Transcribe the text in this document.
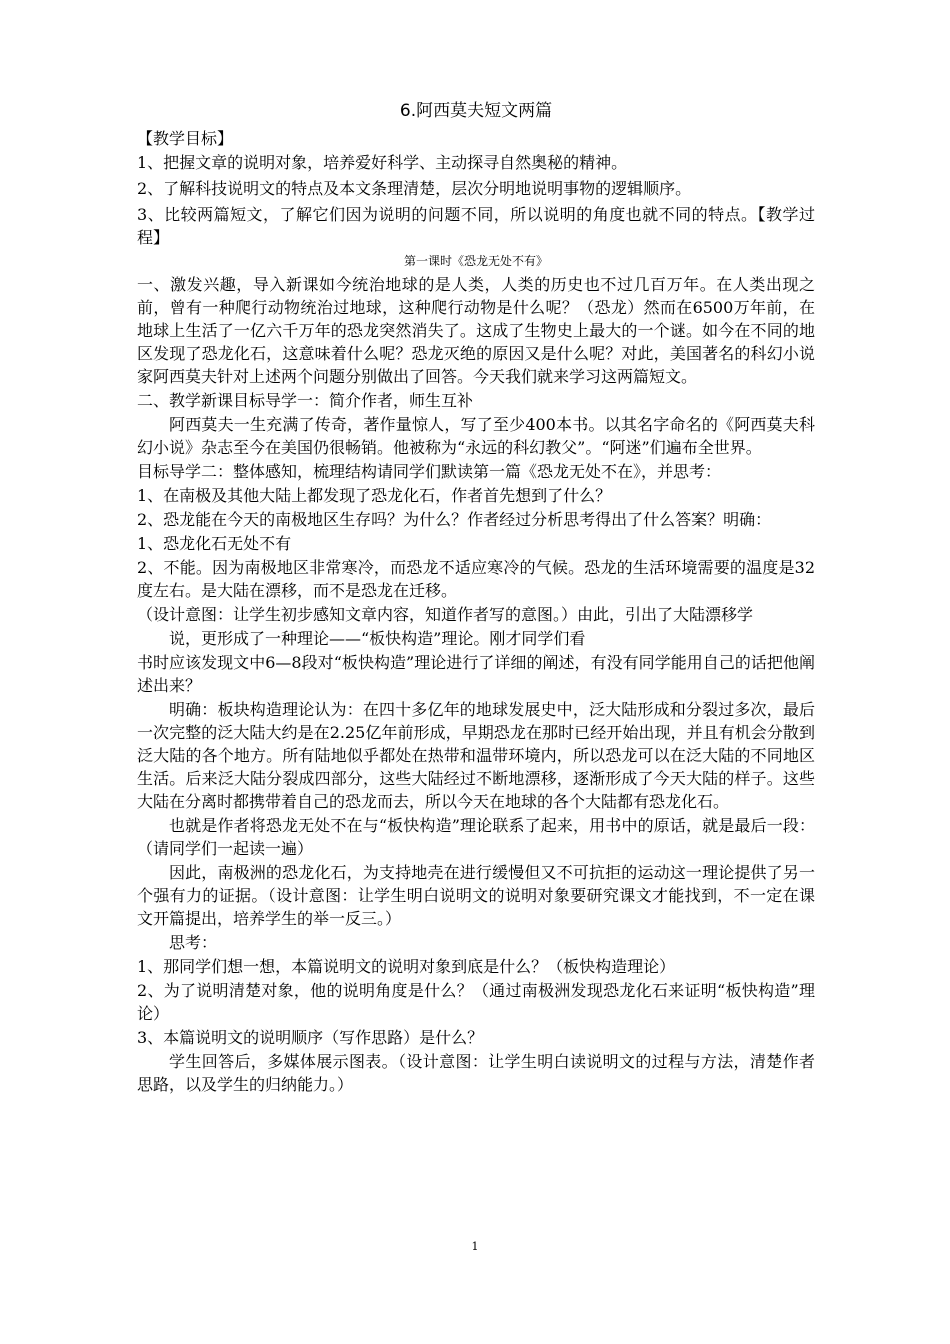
6.阿西莫夫短文两篇
【教学目标】
1、把握文章的说明对象，培养爱好科学、主动探寻自然奥秘的精神。
2、了解科技说明文的特点及本文条理清楚，层次分明地说明事物的逻辑顺序。
3、比较两篇短文，了解它们因为说明的问题不同，所以说明的角度也就不同的特点。【教学过程】
第一课时《恐龙无处不有》
一、激发兴趣，导入新课如今统治地球的是人类，人类的历史也不过几百万年。在人类出现之前，曾有一种爬行动物统治过地球，这种爬行动物是什么呢？（恐龙）然而在6500万年前，在地球上生活了一亿六千万年的恐龙突然消失了。这成了生物史上最大的一个谜。如今在不同的地区发现了恐龙化石，这意味着什么呢？恐龙灭绝的原因又是什么呢？对此，美国著名的科幻小说家阿西莫夫针对上述两个问题分别做出了回答。今天我们就来学习这两篇短文。
二、教学新课目标导学一：简介作者，师生互补
阿西莫夫一生充满了传奇，著作量惊人，写了至少400本书。以其名字命名的《阿西莫夫科幻小说》杂志至今在美国仍很畅销。他被称为“永远的科幻教父”。“阿迷”们遍布全世界。
目标导学二：整体感知，梳理结构请同学们默读第一篇《恐龙无处不在》，并思考：
1、在南极及其他大陆上都发现了恐龙化石，作者首先想到了什么？
2、恐龙能在今天的南极地区生存吗？为什么？作者经过分析思考得出了什么答案？明确：
1、恐龙化石无处不有
2、不能。因为南极地区非常寒冷，而恐龙不适应寒冷的气候。恐龙的生活环境需要的温度是32度左右。是大陆在漂移，而不是恐龙在迁移。
（设计意图：让学生初步感知文章内容，知道作者写的意图。）由此，引出了大陆漂移学
说，更形成了一种理论——“板快构造”理论。刚才同学们看
书时应该发现文中6—8段对“板快构造”理论进行了详细的阐述，有没有同学能用自己的话把他阐述出来？
明确：板块构造理论认为：在四十多亿年的地球发展史中，泛大陆形成和分裂过多次，最后一次完整的泛大陆大约是在2.25亿年前形成，早期恐龙在那时已经开始出现，并且有机会分散到泛大陆的各个地方。所有陆地似乎都处在热带和温带环境内，所以恐龙可以在泛大陆的不同地区生活。后来泛大陆分裂成四部分，这些大陆经过不断地漂移，逐渐形成了今天大陆的样子。这些大陆在分离时都携带着自己的恐龙而去，所以今天在地球的各个大陆都有恐龙化石。
也就是作者将恐龙无处不在与“板快构造”理论联系了起来，用书中的原话，就是最后一段：（请同学们一起读一遍）
因此，南极洲的恐龙化石，为支持地壳在进行缓慢但又不可抗拒的运动这一理论提供了另一个强有力的证据。（设计意图：让学生明白说明文的说明对象要研究课文才能找到，不一定在课文开篇提出，培养学生的举一反三。）
思考：
1、那同学们想一想，本篇说明文的说明对象到底是什么？（板快构造理论）
2、为了说明清楚对象，他的说明角度是什么？（通过南极洲发现恐龙化石来证明“板快构造”理论）
3、本篇说明文的说明顺序（写作思路）是什么？
学生回答后，多媒体展示图表。（设计意图：让学生明白读说明文的过程与方法，清楚作者思路，以及学生的归纳能力。）
1
